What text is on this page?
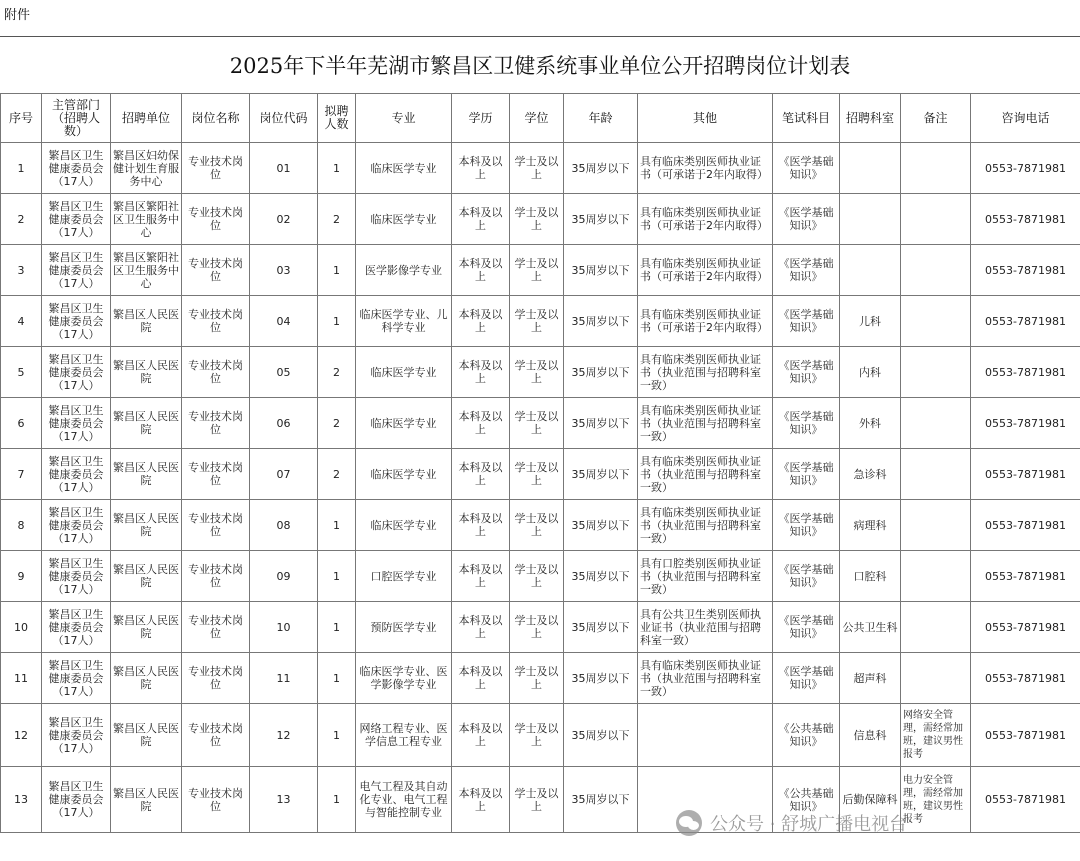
附件
2025年下半年芜湖市繁昌区卫健系统事业单位公开招聘岗位计划表
序号	主管部门（招聘人数）	招聘单位	岗位名称	岗位代码	拟聘人数	专业	学历	学位	年龄	其他	笔试科目	招聘科室	备注	咨询电话
1	繁昌区卫生健康委员会（17人）	繁昌区妇幼保健计划生育服务中心	专业技术岗位	01	1	临床医学专业	本科及以上	学士及以上	35周岁以下	具有临床类别医师执业证书（可承诺于2年内取得）	《医学基础知识》			0553-7871981
2	繁昌区卫生健康委员会（17人）	繁昌区繁阳社区卫生服务中心	专业技术岗位	02	2	临床医学专业	本科及以上	学士及以上	35周岁以下	具有临床类别医师执业证书（可承诺于2年内取得）	《医学基础知识》			0553-7871981
3	繁昌区卫生健康委员会（17人）	繁昌区繁阳社区卫生服务中心	专业技术岗位	03	1	医学影像学专业	本科及以上	学士及以上	35周岁以下	具有临床类别医师执业证书（可承诺于2年内取得）	《医学基础知识》			0553-7871981
4	繁昌区卫生健康委员会（17人）	繁昌区人民医院	专业技术岗位	04	1	临床医学专业、儿科学专业	本科及以上	学士及以上	35周岁以下	具有临床类别医师执业证书（可承诺于2年内取得）	《医学基础知识》	儿科		0553-7871981
5	繁昌区卫生健康委员会（17人）	繁昌区人民医院	专业技术岗位	05	2	临床医学专业	本科及以上	学士及以上	35周岁以下	具有临床类别医师执业证书（执业范围与招聘科室一致）	《医学基础知识》	内科		0553-7871981
6	繁昌区卫生健康委员会（17人）	繁昌区人民医院	专业技术岗位	06	2	临床医学专业	本科及以上	学士及以上	35周岁以下	具有临床类别医师执业证书（执业范围与招聘科室一致）	《医学基础知识》	外科		0553-7871981
7	繁昌区卫生健康委员会（17人）	繁昌区人民医院	专业技术岗位	07	2	临床医学专业	本科及以上	学士及以上	35周岁以下	具有临床类别医师执业证书（执业范围与招聘科室一致）	《医学基础知识》	急诊科		0553-7871981
8	繁昌区卫生健康委员会（17人）	繁昌区人民医院	专业技术岗位	08	1	临床医学专业	本科及以上	学士及以上	35周岁以下	具有临床类别医师执业证书（执业范围与招聘科室一致）	《医学基础知识》	病理科		0553-7871981
9	繁昌区卫生健康委员会（17人）	繁昌区人民医院	专业技术岗位	09	1	口腔医学专业	本科及以上	学士及以上	35周岁以下	具有口腔类别医师执业证书（执业范围与招聘科室一致）	《医学基础知识》	口腔科		0553-7871981
10	繁昌区卫生健康委员会（17人）	繁昌区人民医院	专业技术岗位	10	1	预防医学专业	本科及以上	学士及以上	35周岁以下	具有公共卫生类别医师执业证书（执业范围与招聘科室一致）	《医学基础知识》	公共卫生科		0553-7871981
11	繁昌区卫生健康委员会（17人）	繁昌区人民医院	专业技术岗位	11	1	临床医学专业、医学影像学专业	本科及以上	学士及以上	35周岁以下	具有临床类别医师执业证书（执业范围与招聘科室一致）	《医学基础知识》	超声科		0553-7871981
12	繁昌区卫生健康委员会（17人）	繁昌区人民医院	专业技术岗位	12	1	网络工程专业、医学信息工程专业	本科及以上	学士及以上	35周岁以下		《公共基础知识》	信息科	网络安全管理，需经常加班，建议男性报考	0553-7871981
13	繁昌区卫生健康委员会（17人）	繁昌区人民医院	专业技术岗位	13	1	电气工程及其自动化专业、电气工程与智能控制专业	本科及以上	学士及以上	35周岁以下		《公共基础知识》	后勤保障科	电力安全管理，需经常加班，建议男性报考	0553-7871981
公众号 · 舒城广播电视台
